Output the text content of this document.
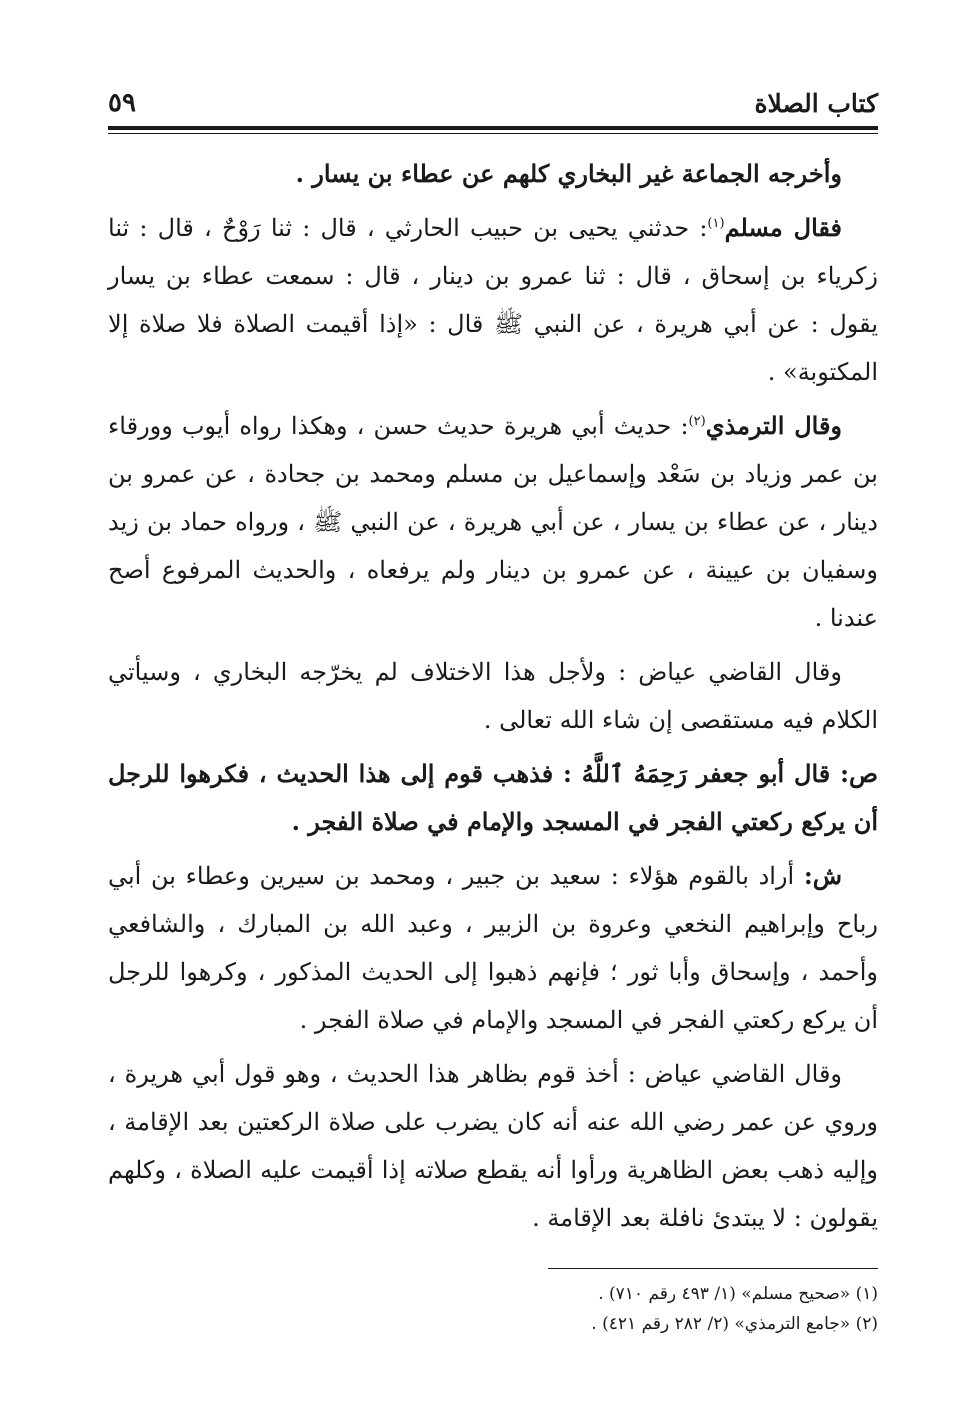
كتاب الصلاة
٥٩

وأخرجه الجماعة غير البخاري كلهم عن عطاء بن يسار .

فقال مسلم$^{(١)}$: حدثني يحيى بن حبيب الحارثي ، قال : ثنا رَوْحٌ ، قال : ثنا زكرياء بن إسحاق ، قال : ثنا عمرو بن دينار ، قال : سمعت عطاء بن يسار يقول : عن أبي هريرة ، عن النبي ﷺ قال : «إذا أقيمت الصلاة فلا صلاة إلا المكتوبة» .

وقال الترمذي$^{(٢)}$: حديث أبي هريرة حديث حسن ، وهكذا رواه أيوب وورقاء بن عمر وزياد بن سَعْد وإسماعيل بن مسلم ومحمد بن جحادة ، عن عمرو بن دينار ، عن عطاء بن يسار ، عن أبي هريرة ، عن النبي ﷺ ، ورواه حماد بن زيد وسفيان بن عيينة ، عن عمرو بن دينار ولم يرفعاه ، والحديث المرفوع أصح عندنا .

وقال القاضي عياض : ولأجل هذا الاختلاف لم يخرّجه البخاري ، وسيأتي الكلام فيه مستقصى إن شاء الله تعالى .

ص: قال أبو جعفر رَحِمَهُ ٱللَّهُ : فذهب قوم إلى هذا الحديث ، فكرهوا للرجل أن يركع ركعتي الفجر في المسجد والإمام في صلاة الفجر .

ش: أراد بالقوم هؤلاء : سعيد بن جبير ، ومحمد بن سيرين وعطاء بن أبي رباح وإبراهيم النخعي وعروة بن الزبير ، وعبد الله بن المبارك ، والشافعي وأحمد ، وإسحاق وأبا ثور ؛ فإنهم ذهبوا إلى الحديث المذكور ، وكرهوا للرجل أن يركع ركعتي الفجر في المسجد والإمام في صلاة الفجر .

وقال القاضي عياض : أخذ قوم بظاهر هذا الحديث ، وهو قول أبي هريرة ، وروي عن عمر رضي الله عنه أنه كان يضرب على صلاة الركعتين بعد الإقامة ، وإليه ذهب بعض الظاهرية ورأوا أنه يقطع صلاته إذا أقيمت عليه الصلاة ، وكلهم يقولون : لا يبتدئ نافلة بعد الإقامة .

(١) «صحيح مسلم» (١/ ٤٩٣ رقم ٧١٠) .
(٢) «جامع الترمذي» (٢/ ٢٨٢ رقم ٤٢١) .
